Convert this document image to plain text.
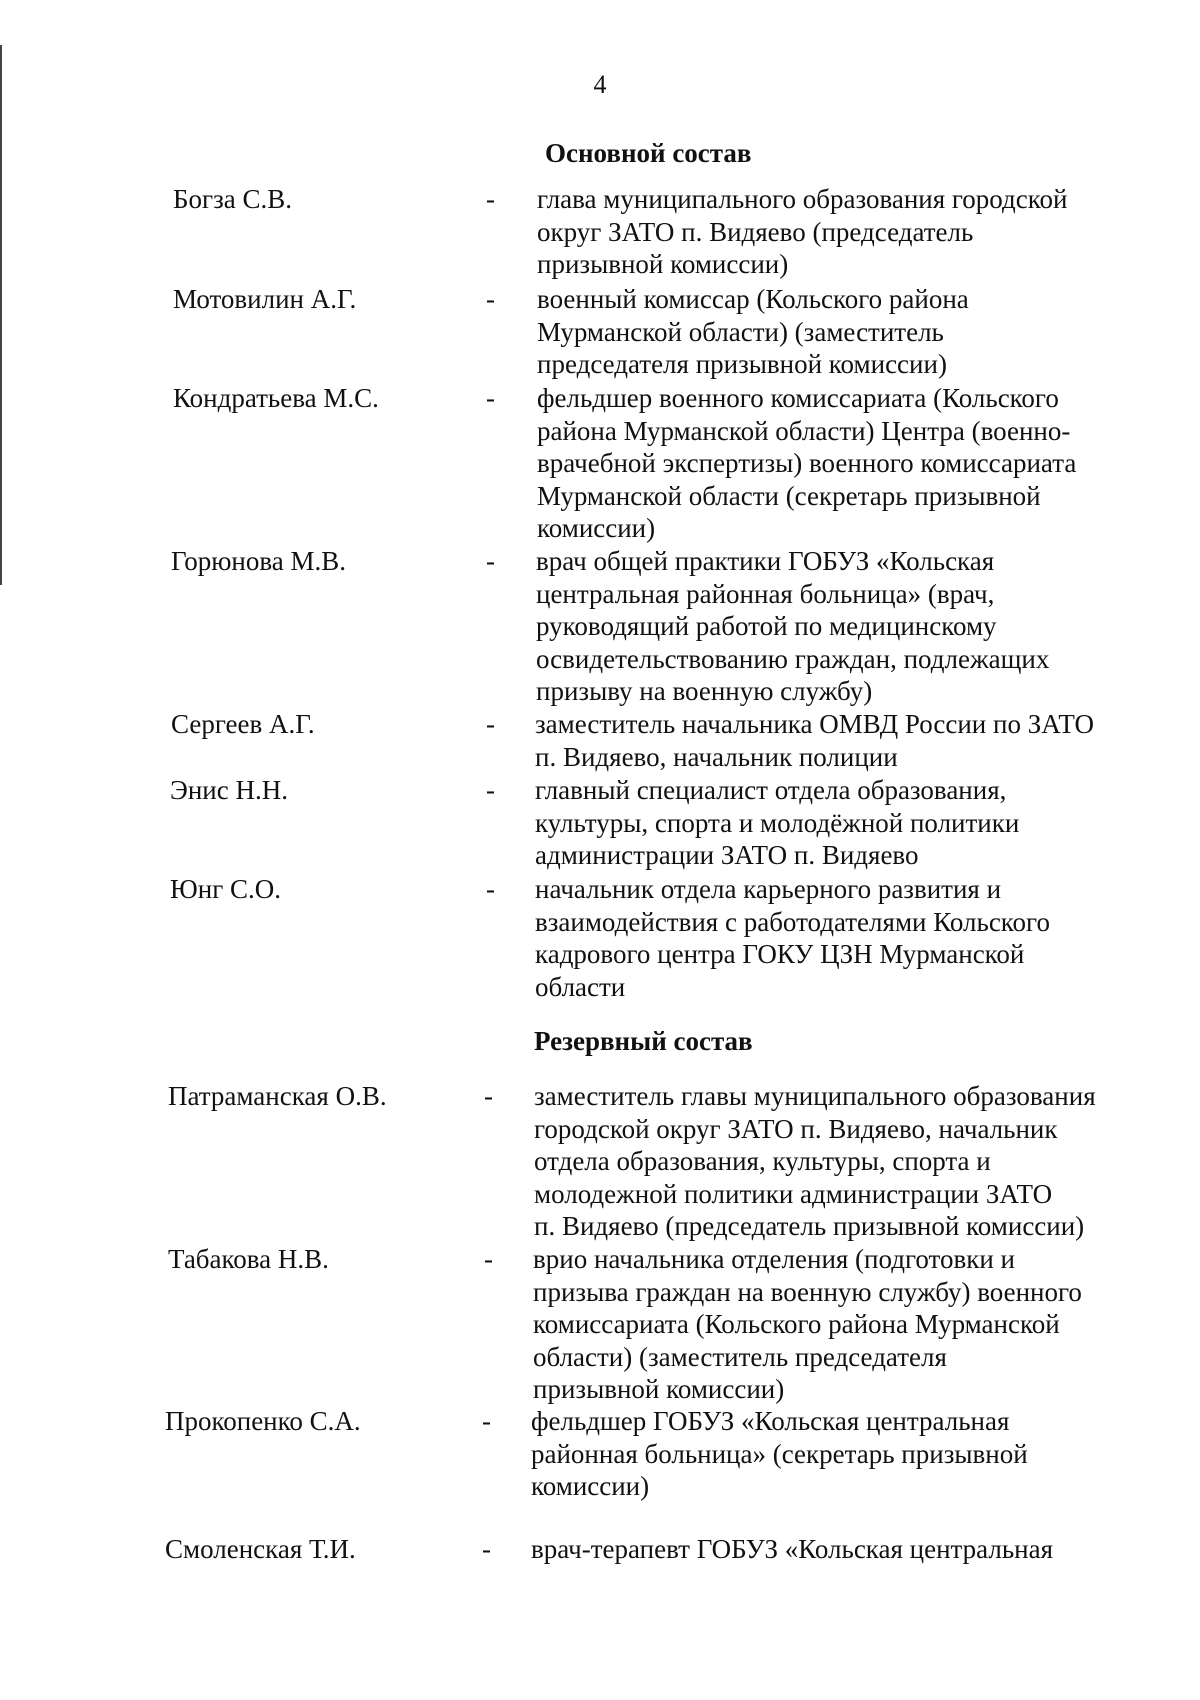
4
Основной состав
Богза С.В.	- глава муниципального образования городской
округ ЗАТО п. Видяево (председатель
призывной комиссии)
Мотовилин А.Г.	- военный комиссар (Кольского района
Мурманской области) (заместитель
председателя призывной комиссии)
Кондратьева М.С.	- фельдшер военного комиссариата (Кольского
района Мурманской области) Центра (военно-
врачебной экспертизы) военного комиссариата
Мурманской области (секретарь призывной
комиссии)
Горюнова М.В.	- врач общей практики ГОБУЗ «Кольская
центральная районная больница» (врач,
руководящий работой по медицинскому
освидетельствованию граждан, подлежащих
призыву на военную службу)
Сергеев А.Г.	- заместитель начальника ОМВД России по ЗАТО
п. Видяево, начальник полиции
Энис Н.Н.	- главный специалист отдела образования,
культуры, спорта и молодёжной политики
администрации ЗАТО п. Видяево
Юнг С.О.	- начальник отдела карьерного развития и
взаимодействия с работодателями Кольского
кадрового центра ГОКУ ЦЗН Мурманской
области
Резервный состав
Патраманская О.В.	- заместитель главы муниципального образования
городской округ ЗАТО п. Видяево, начальник
отдела образования, культуры, спорта и
молодежной политики администрации ЗАТО
п. Видяево (председатель призывной комиссии)
Табакова Н.В.	- врио начальника отделения (подготовки и
призыва граждан на военную службу) военного
комиссариата (Кольского района Мурманской
области) (заместитель председателя
призывной комиссии)
Прокопенко С.А.	- фельдшер ГОБУЗ «Кольская центральная
районная больница» (секретарь призывной
комиссии)
Смоленская Т.И.	- врач-терапевт ГОБУЗ «Кольская центральная
